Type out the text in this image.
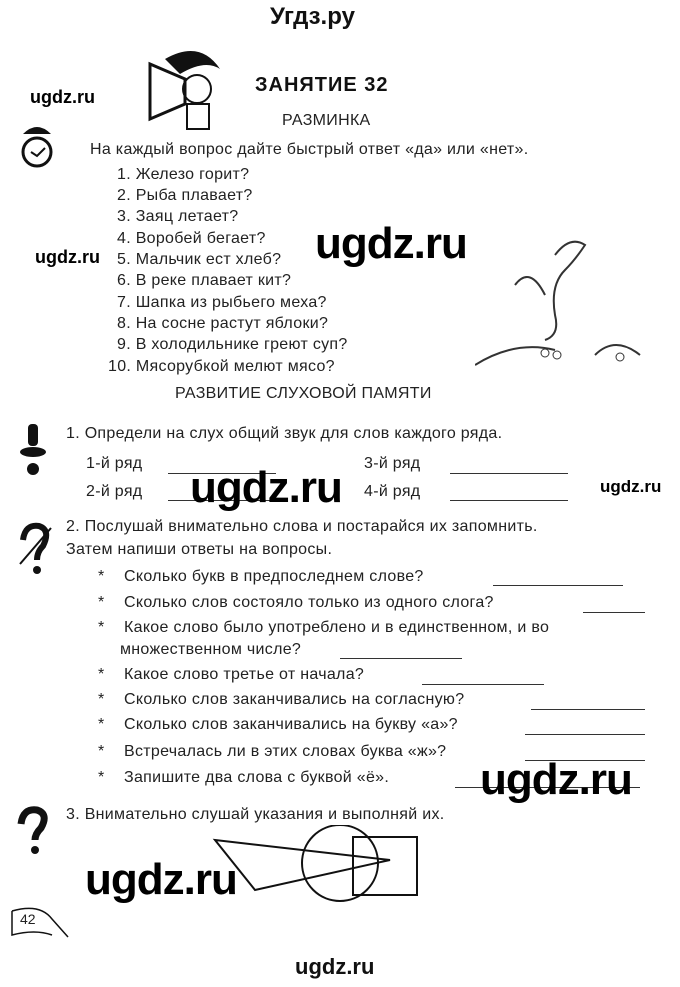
Угдз.ру
ЗАНЯТИЕ 32
РАЗМИНКА
На каждый вопрос дайте быстрый ответ «да» или «нет».
1. Железо горит?
2. Рыба плавает?
3. Заяц летает?
4. Воробей бегает?
5. Мальчик ест хлеб?
6. В реке плавает кит?
7. Шапка из рыбьего меха?
8. На сосне растут яблоки?
9. В холодильнике греют суп?
10. Мясорубкой мелют мясо?
РАЗВИТИЕ СЛУХОВОЙ ПАМЯТИ
1. Определи на слух общий звук для слов каждого ряда.
1-й ряд
2-й ряд
3-й ряд
4-й ряд
2. Послушай внимательно слова и постарайся их запомнить.
Затем напиши ответы на вопросы.
* Сколько букв в предпоследнем слове?
* Сколько слов состояло только из одного слога?
* Какое слово было употреблено и в единственном, и во
множественном числе?
* Какое слово третье от начала?
* Сколько слов заканчивались на согласную?
* Сколько слов заканчивались на букву «а»?
* Встречалась ли в этих словах буква «ж»?
* Запишите два слова с буквой «ё».
3. Внимательно слушай указания и выполняй их.
42
ugdz.ru
ugdz.ru	ugdz.ru
ugdz.ru	ugdz.ru
ugdz.ru
ugdz.ru
ugdz.ru
